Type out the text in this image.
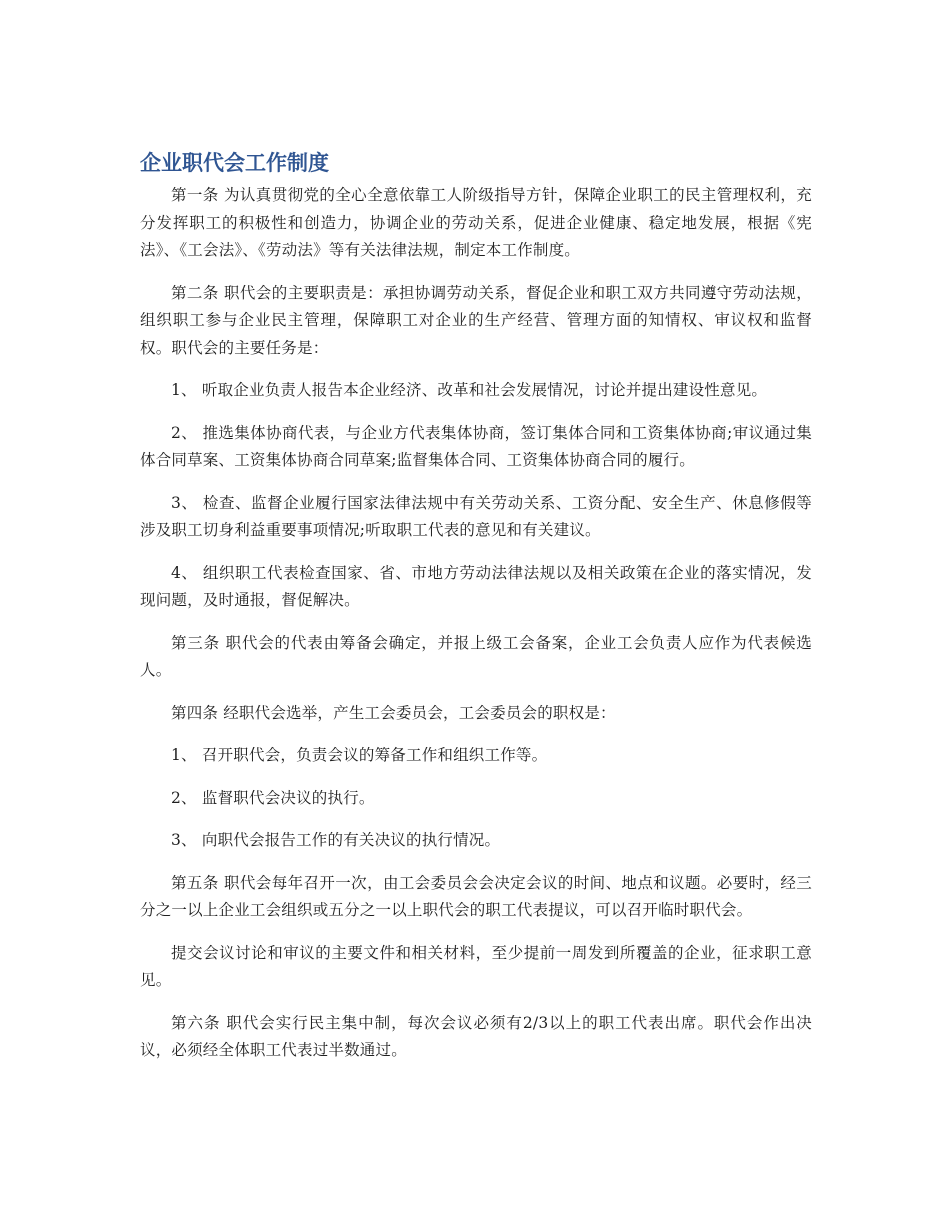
企业职代会工作制度

第一条 为认真贯彻党的全心全意依靠工人阶级指导方针，保障企业职工的民主管理权利，充分发挥职工的积极性和创造力，协调企业的劳动关系，促进企业健康、稳定地发展，根据《宪法》、《工会法》、《劳动法》等有关法律法规，制定本工作制度。

第二条 职代会的主要职责是：承担协调劳动关系，督促企业和职工双方共同遵守劳动法规，组织职工参与企业民主管理，保障职工对企业的生产经营、管理方面的知情权、审议权和监督权。职代会的主要任务是：

1、 听取企业负责人报告本企业经济、改革和社会发展情况，讨论并提出建设性意见。

2、 推选集体协商代表，与企业方代表集体协商，签订集体合同和工资集体协商;审议通过集体合同草案、工资集体协商合同草案;监督集体合同、工资集体协商合同的履行。

3、 检查、监督企业履行国家法律法规中有关劳动关系、工资分配、安全生产、休息修假等涉及职工切身利益重要事项情况;听取职工代表的意见和有关建议。

4、 组织职工代表检查国家、省、市地方劳动法律法规以及相关政策在企业的落实情况，发现问题，及时通报，督促解决。

第三条 职代会的代表由筹备会确定，并报上级工会备案，企业工会负责人应作为代表候选人。

第四条 经职代会选举，产生工会委员会，工会委员会的职权是：

1、 召开职代会，负责会议的筹备工作和组织工作等。

2、 监督职代会决议的执行。

3、 向职代会报告工作的有关决议的执行情况。

第五条 职代会每年召开一次，由工会委员会会决定会议的时间、地点和议题。必要时，经三分之一以上企业工会组织或五分之一以上职代会的职工代表提议，可以召开临时职代会。

提交会议讨论和审议的主要文件和相关材料，至少提前一周发到所覆盖的企业，征求职工意见。

第六条 职代会实行民主集中制，每次会议必须有2/3以上的职工代表出席。职代会作出决议，必须经全体职工代表过半数通过。
